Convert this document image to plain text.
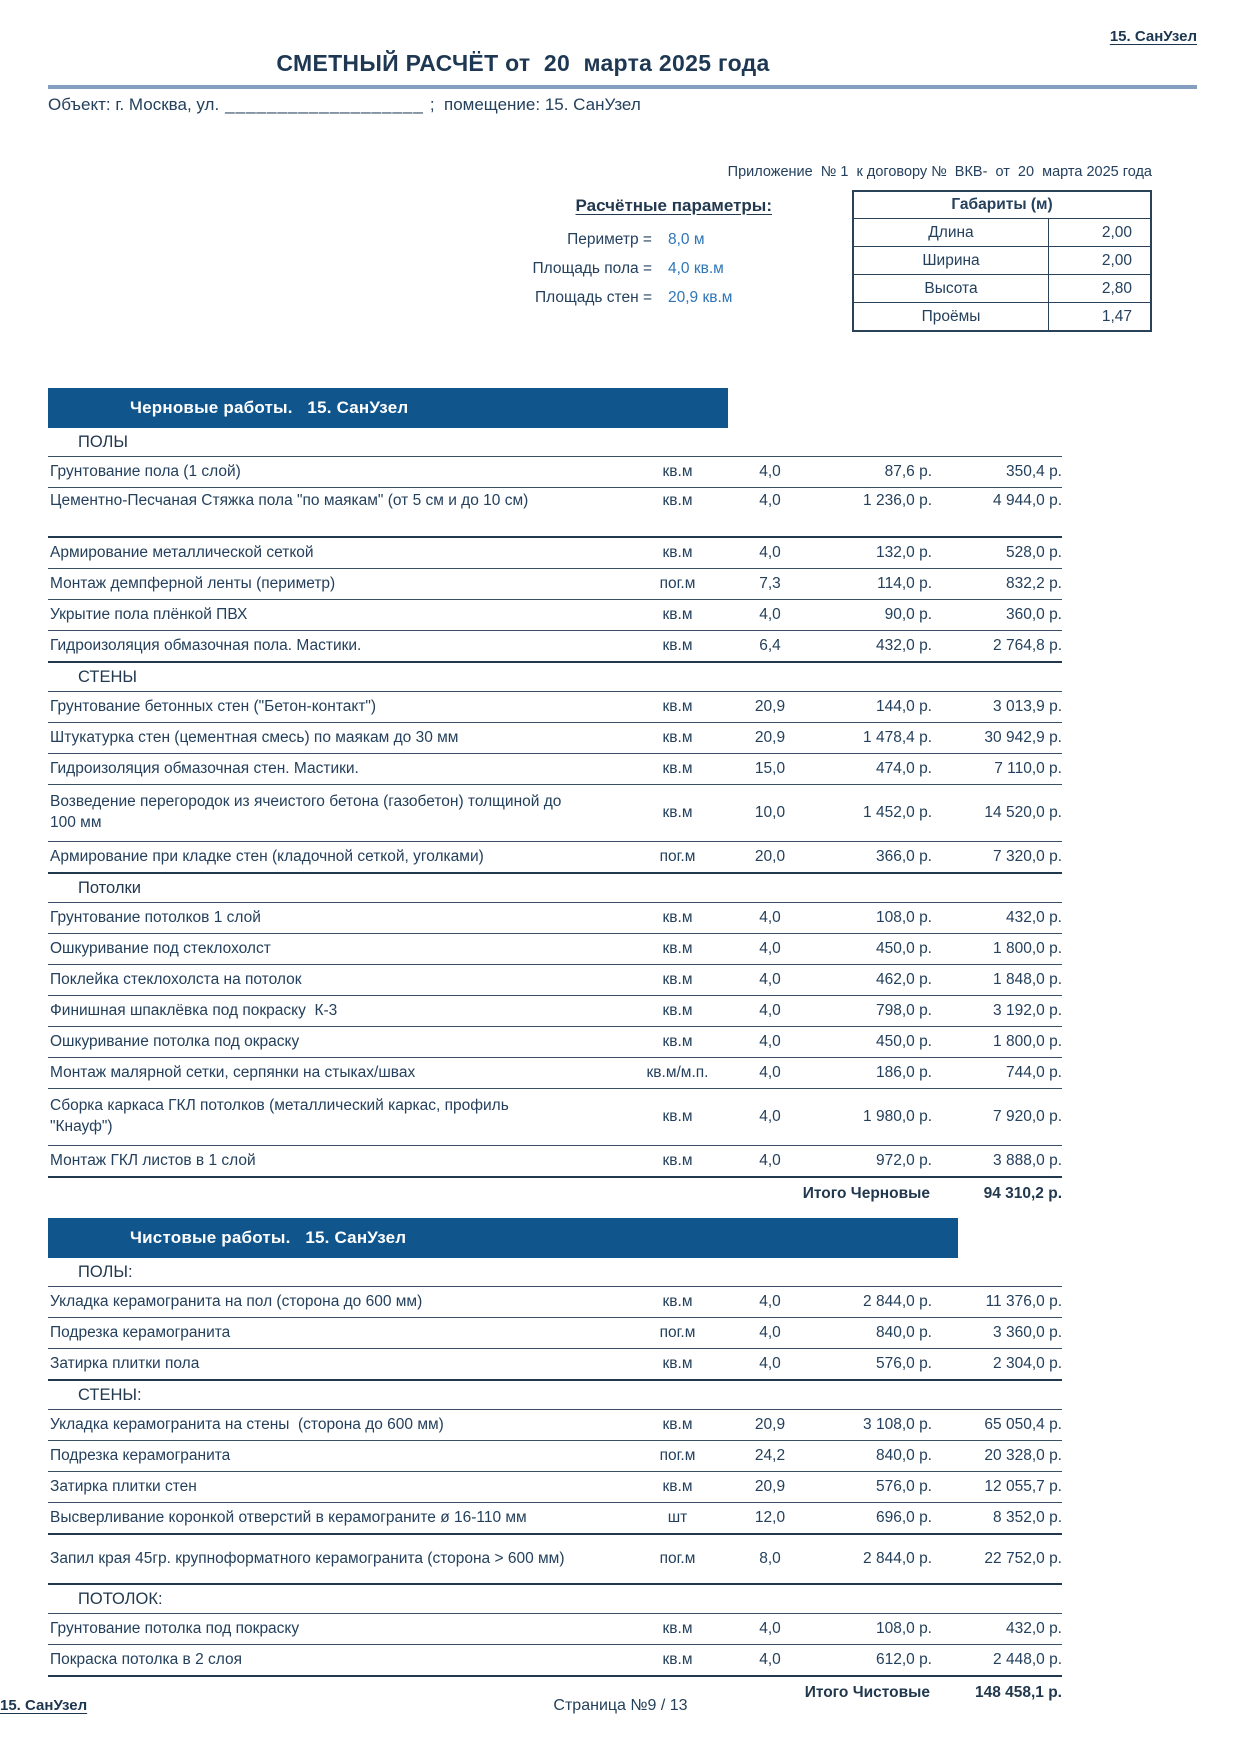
15. СанУзел
СМЕТНЫЙ РАСЧЁТ от  20  марта 2025 года
Объект: г. Москва, ул. ___________________ ;  помещение: 15. СанУзел
Приложение  № 1  к договору №  ВКВ-  от  20  марта 2025 года
Расчётные параметры:
Периметр = 8,0 м
Площадь пола = 4,0 кв.м
Площадь стен = 20,9 кв.м
Габариты (м)
Длина	2,00
Ширина	2,00
Высота	2,80
Проёмы	1,47
Черновые работы.   15. СанУзел
ПОЛЫ
Грунтование пола (1 слой)	кв.м	4,0	87,6 р.	350,4 р.
Цементно-Песчаная Стяжка пола "по маякам" (от 5 см и до 10 см)	кв.м	4,0	1 236,0 р.	4 944,0 р.
Армирование металлической сеткой	кв.м	4,0	132,0 р.	528,0 р.
Монтаж демпферной ленты (периметр)	пог.м	7,3	114,0 р.	832,2 р.
Укрытие пола плёнкой ПВХ	кв.м	4,0	90,0 р.	360,0 р.
Гидроизоляция обмазочная пола. Мастики.	кв.м	6,4	432,0 р.	2 764,8 р.
СТЕНЫ
Грунтование бетонных стен ("Бетон-контакт")	кв.м	20,9	144,0 р.	3 013,9 р.
Штукатурка стен (цементная смесь) по маякам до 30 мм	кв.м	20,9	1 478,4 р.	30 942,9 р.
Гидроизоляция обмазочная стен. Мастики.	кв.м	15,0	474,0 р.	7 110,0 р.
Возведение перегородок из ячеистого бетона (газобетон) толщиной до 100 мм
кв.м	10,0	1 452,0 р.	14 520,0 р.
Армирование при кладке стен (кладочной сеткой, уголками)	пог.м	20,0	366,0 р.	7 320,0 р.
Потолки
Грунтование потолков 1 слой	кв.м	4,0	108,0 р.	432,0 р.
Ошкуривание под стеклохолст	кв.м	4,0	450,0 р.	1 800,0 р.
Поклейка стеклохолста на потолок	кв.м	4,0	462,0 р.	1 848,0 р.
Финишная шпаклёвка под покраску  К-3	кв.м	4,0	798,0 р.	3 192,0 р.
Ошкуривание потолка под окраску	кв.м	4,0	450,0 р.	1 800,0 р.
Монтаж малярной сетки, серпянки на стыках/швах	кв.м/м.п.	4,0	186,0 р.	744,0 р.
Сборка каркаса ГКЛ потолков (металлический каркас, профиль "Кнауф")
кв.м	4,0	1 980,0 р.	7 920,0 р.
Монтаж ГКЛ листов в 1 слой	кв.м	4,0	972,0 р.	3 888,0 р.
Итого Черновые	94 310,2 р.
Чистовые работы.   15. СанУзел
ПОЛЫ:
Укладка керамогранита на пол (сторона до 600 мм)	кв.м	4,0	2 844,0 р.	11 376,0 р.
Подрезка керамогранита	пог.м	4,0	840,0 р.	3 360,0 р.
Затирка плитки пола	кв.м	4,0	576,0 р.	2 304,0 р.
СТЕНЫ:
Укладка керамогранита на стены  (сторона до 600 мм)	кв.м	20,9	3 108,0 р.	65 050,4 р.
Подрезка керамогранита	пог.м	24,2	840,0 р.	20 328,0 р.
Затирка плитки стен	кв.м	20,9	576,0 р.	12 055,7 р.
Высверливание коронкой отверстий в керамограните ø 16-110 мм	шт	12,0	696,0 р.	8 352,0 р.
Запил края 45гр. крупноформатного керамогранита (сторона > 600 мм)	пог.м	8,0	2 844,0 р.	22 752,0 р.
ПОТОЛОК:
Грунтование потолка под покраску	кв.м	4,0	108,0 р.	432,0 р.
Покраска потолка в 2 слоя	кв.м	4,0	612,0 р.	2 448,0 р.
Итого Чистовые	148 458,1 р.
Страница №9 / 13
15. СанУзел
